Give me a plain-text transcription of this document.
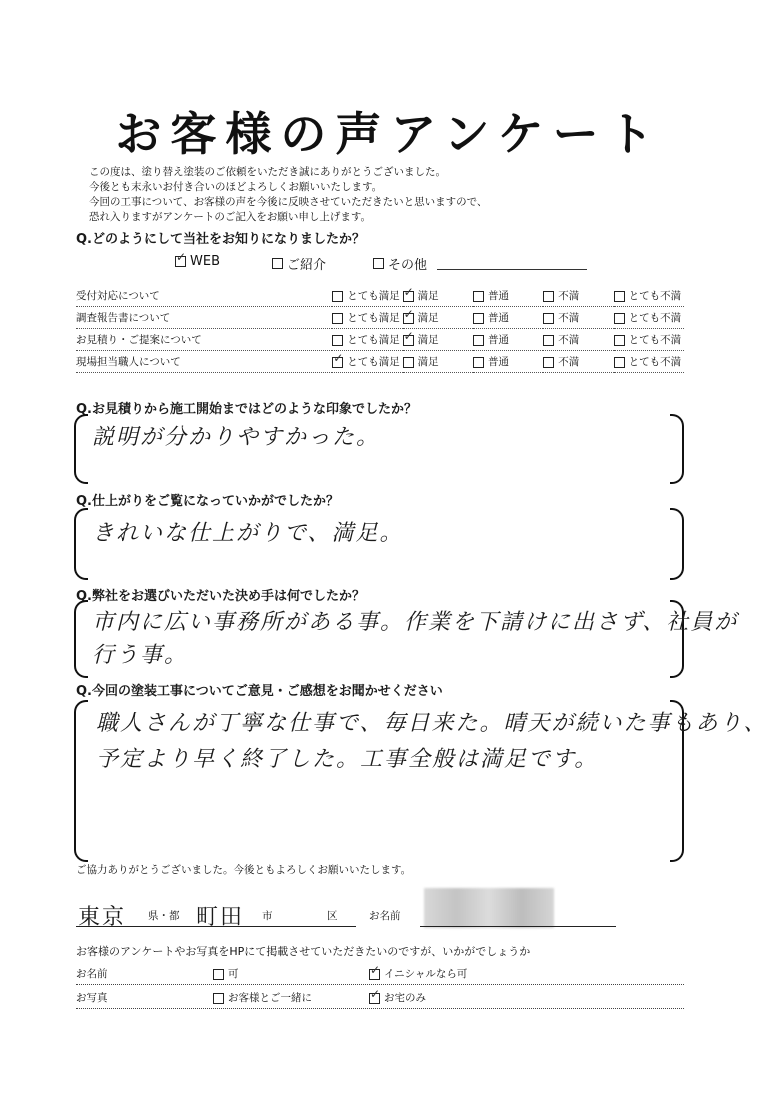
お客様の声アンケート
この度は、塗り替え塗装のご依頼をいただき誠にありがとうございました。
今後とも末永いお付き合いのほどよろしくお願いいたします。
今回の工事について、お客様の声を今後に反映させていただきたいと思いますので、
恐れ入りますがアンケートのご記入をお願い申し上げます。
Q.どのようにして当社をお知りになりましたか？
✓
WEB	ご紹介	その他
受付対応について	とても満足	✓満足	普通	不満	とても不満
調査報告書について	とても満足	✓満足	普通	不満	とても不満
お見積り・ご提案について	とても満足	✓満足	普通	不満	とても不満
現場担当職人について	✓とても満足	満足	普通	不満	とても不満
Q.お見積りから施工開始まではどのような印象でしたか？
説明が分かりやすかった。
Q.仕上がりをご覧になっていかがでしたか？
きれいな仕上がりで、満足。
Q.弊社をお選びいただいた決め手は何でしたか？
市内に広い事務所がある事。作業を下請けに出さず、社員が
行う事。
Q.今回の塗装工事についてご意見・ご感想をお聞かせください
職人さんが丁寧な仕事で、毎日来た。晴天が続いた事もあり、
予定より早く終了した。工事全般は満足です。
ご協力ありがとうございました。今後ともよろしくお願いいたします。
東京 県・都 町田 市	区	お名前
お客様のアンケートやお写真をHPにて掲載させていただきたいのですが、いかがでしょうか
お名前	可 ✓	イニシャルなら可
お写真	お客様とご一緒に ✓	お宅のみ
